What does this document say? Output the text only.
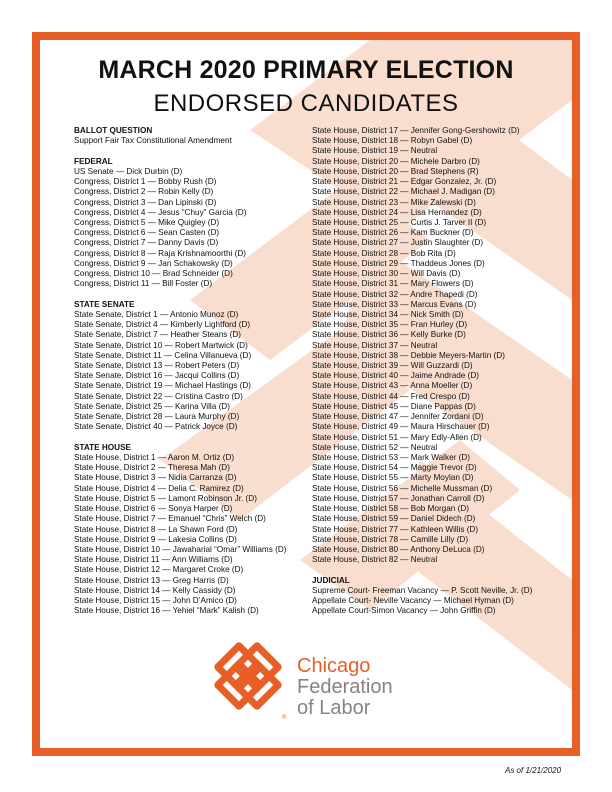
MARCH 2020 PRIMARY ELECTION
ENDORSED CANDIDATES
BALLOT QUESTION
Support Fair Tax Constitutional Amendment
FEDERAL
US Senate — Dick Durbin (D)
Congress, District 1 — Bobby Rush (D)
Congress, District 2 — Robin Kelly (D)
Congress, District 3 — Dan Lipinski (D)
Congress, District 4 — Jesus “Chuy” Garcia (D)
Congress, District 5 — Mike Quigley (D)
Congress, District 6 — Sean Casten (D)
Congress, District 7 — Danny Davis (D)
Congress, District 8 — Raja Krishnamoorthi (D)
Congress, District 9 — Jan Schakowsky (D)
Congress, District 10 — Brad Schneider (D)
Congress, District 11 — Bill Foster (D)
STATE SENATE
State Senate, District 1 — Antonio Munoz (D)
State Senate, District 4 — Kimberly Lightford (D)
State Senate, District 7 — Heather Steans (D)
State Senate, District 10 — Robert Martwick (D)
State Senate, District 11 — Celina Villanueva (D)
State Senate, District 13 — Robert Peters (D)
State Senate, District 16 — Jacqui Collins (D)
State Senate, District 19 — Michael Hastings (D)
State Senate, District 22 — Cristina Castro (D)
State Senate, District 25 — Karina Villa (D)
State Senate, District 28 — Laura Murphy (D)
State Senate, District 40 — Patrick Joyce (D)
STATE HOUSE
State House, District 1 — Aaron M. Ortiz (D)
State House, District 2 — Theresa Mah (D)
State House, District 3 — Nidia Carranza (D)
State House, District 4 — Delia C. Ramirez (D)
State House, District 5 — Lamont Robinson Jr. (D)
State House, District 6 — Sonya Harper (D)
State House, District 7 — Emanuel “Chris” Welch (D)
State House, District 8 — La Shawn Ford (D)
State House, District 9 — Lakesia Collins (D)
State House, District 10 — Jawaharial “Omar” Williams (D)
State House, District 11 — Ann Williams (D)
State House, District 12 — Margaret Croke (D)
State House, District 13 — Greg Harris (D)
State House, District 14 — Kelly Cassidy (D)
State House, District 15 — John D’Amico (D)
State House, District 16 — Yehiel “Mark” Kalish (D)
State House, District 17 — Jennifer Gong-Gershowitz (D)
State House, District 18 — Robyn Gabel (D)
State House, District 19 — Neutral
State House, District 20 — Michele Darbro (D)
State House, District 20 — Brad Stephens (R)
State House, District 21 — Edgar Gonzalez, Jr. (D)
State House, District 22 — Michael J. Madigan (D)
State House, District 23 — Mike Zalewski (D)
State House, District 24 — Lisa Hernandez (D)
State House, District 25 — Curtis J. Tarver II (D)
State House, District 26 — Kam Buckner (D)
State House, District 27 — Justin Slaughter (D)
State House, District 28 — Bob Rita (D)
State House, District 29 — Thaddeus Jones (D)
State House, District 30 — Will Davis (D)
State House, District 31 — Mary Flowers (D)
State House, District 32 — Andre Thapedi (D)
State House, District 33 — Marcus Evans (D)
State House, District 34 — Nick Smith (D)
State House, District 35 — Fran Hurley (D)
State House, District 36 — Kelly Burke (D)
State House, District 37 — Neutral
State House, District 38 — Debbie Meyers-Martin (D)
State House, District 39 — Will Guzzardi (D)
State House, District 40 — Jaime Andrade (D)
State House, District 43 — Anna Moeller (D)
State House, District 44 — Fred Crespo (D)
State House, District 45 — Diane Pappas (D)
State House, District 47 — Jennifer Zordani (D)
State House, District 49 — Maura Hirschauer (D)
State House, District 51 — Mary Edly-Allen (D)
State House, District 52 — Neutral
State House, District 53 — Mark Walker (D)
State House, District 54 — Maggie Trevor (D)
State House, District 55 — Marty Moylan (D)
State House, District 56 — Michelle Mussman (D)
State House, District 57 — Jonathan Carroll (D)
State House, District 58 — Bob Morgan (D)
State House, District 59 — Daniel Didech (D)
State House, District 77 — Kathleen Willis (D)
State House, District 78 — Camille Lilly (D)
State House, District 80 — Anthony DeLuca (D)
State House, District 82 — Neutral
JUDICIAL
Supreme Court- Freeman Vacancy — P. Scott Neville, Jr. (D)
Appellate Court- Neville Vacancy — Michael Hyman (D)
Appellate Court-Simon Vacancy — John Griffin (D)
Chicago
Federation
of Labor
®
As of 1/21/2020
